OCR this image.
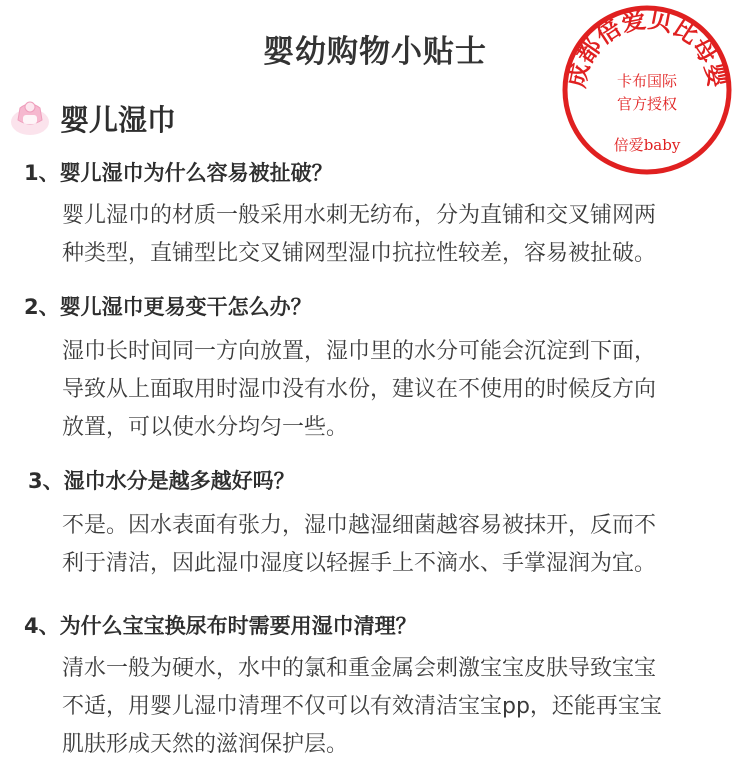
婴幼购物小贴士
婴儿湿巾
成都倍爱贝比母婴
卡布国际
官方授权
倍爱baby
1、婴儿湿巾为什么容易被扯破？
婴儿湿巾的材质一般采用水刺无纺布，分为直铺和交叉铺网两
种类型，直铺型比交叉铺网型湿巾抗拉性较差，容易被扯破。
2、婴儿湿巾更易变干怎么办？
湿巾长时间同一方向放置，湿巾里的水分可能会沉淀到下面，
导致从上面取用时湿巾没有水份，建议在不使用的时候反方向
放置，可以使水分均匀一些。
3、湿巾水分是越多越好吗？
不是。因水表面有张力，湿巾越湿细菌越容易被抹开，反而不
利于清洁，因此湿巾湿度以轻握手上不滴水、手掌湿润为宜。
4、为什么宝宝换尿布时需要用湿巾清理？
清水一般为硬水，水中的氯和重金属会刺激宝宝皮肤导致宝宝
不适，用婴儿湿巾清理不仅可以有效清洁宝宝pp，还能再宝宝
肌肤形成天然的滋润保护层。
